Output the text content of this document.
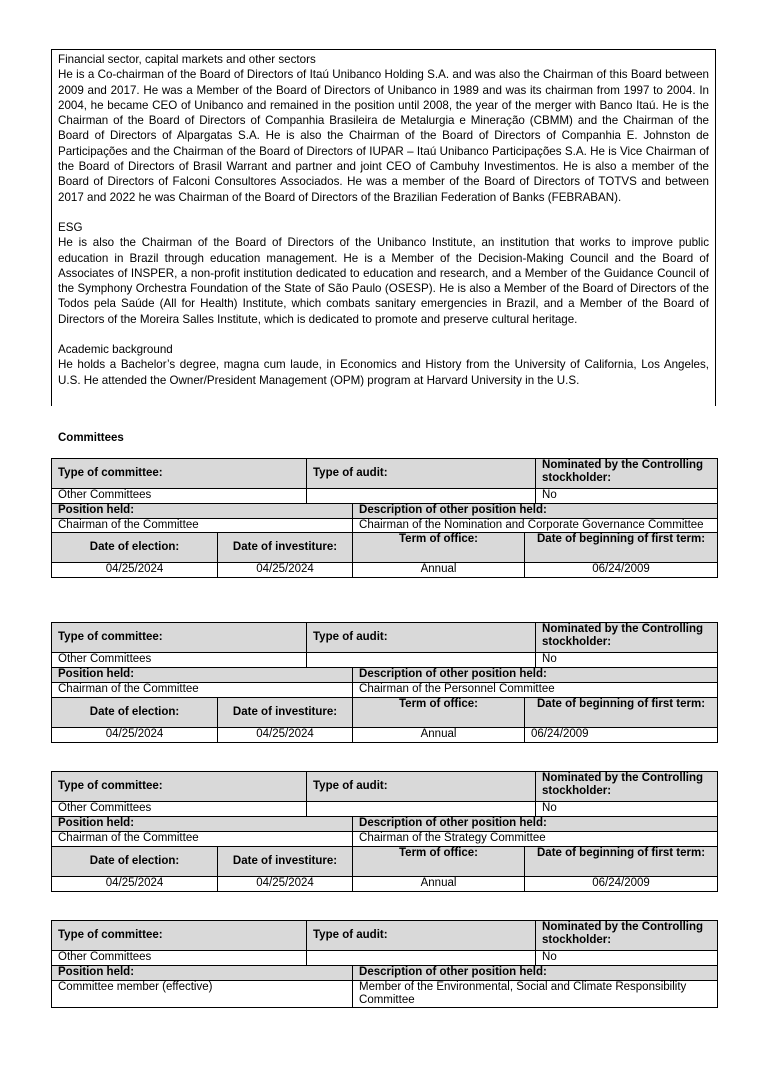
Financial sector, capital markets and other sectors

He is a Co-chairman of the Board of Directors of Itaú Unibanco Holding S.A. and was also the Chairman of this Board between 2009 and 2017. He was a Member of the Board of Directors of Unibanco in 1989 and was its chairman from 1997 to 2004. In 2004, he became CEO of Unibanco and remained in the position until 2008, the year of the merger with Banco Itaú. He is the Chairman of the Board of Directors of Companhia Brasileira de Metalurgia e Mineração (CBMM) and the Chairman of the Board of Directors of Alpargatas S.A. He is also the Chairman of the Board of Directors of Companhia E. Johnston de Participações and the Chairman of the Board of Directors of IUPAR – Itaú Unibanco Participações S.A. He is Vice Chairman of the Board of Directors of Brasil Warrant and partner and joint CEO of Cambuhy Investimentos. He is also a member of the Board of Directors of Falconi Consultores Associados. He was a member of the Board of Directors of TOTVS and between 2017 and 2022 he was Chairman of the Board of Directors of the Brazilian Federation of Banks (FEBRABAN).

ESG

He is also the Chairman of the Board of Directors of the Unibanco Institute, an institution that works to improve public education in Brazil through education management. He is a Member of the Decision-Making Council and the Board of Associates of INSPER, a non-profit institution dedicated to education and research, and a Member of the Guidance Council of the Symphony Orchestra Foundation of the State of São Paulo (OSESP). He is also a Member of the Board of Directors of the Todos pela Saúde (All for Health) Institute, which combats sanitary emergencies in Brazil, and a Member of the Board of Directors of the Moreira Salles Institute, which is dedicated to promote and preserve cultural heritage.

Academic background

He holds a Bachelor’s degree, magna cum laude, in Economics and History from the University of California, Los Angeles, U.S. He attended the Owner/President Management (OPM) program at Harvard University in the U.S.

Committees
Type of committee:		Type of audit:			Nominated by the Controlling stockholder:
Other Committees					No
Position held:			Description of other position held:		
Chairman of the Committee			Chairman of the Nomination and Corporate Governance Committee		
Date of election:	Date of investiture:		Term of office:	Date of beginning of first term:	
04/25/2024	04/25/2024		Annual	06/24/2009	
Type of committee:		Type of audit:			Nominated by the Controlling stockholder:
Other Committees					No
Position held:			Description of other position held:		
Chairman of the Committee			Chairman of the Personnel Committee		
Date of election:	Date of investiture:		Term of office:	Date of beginning of first term:	
04/25/2024	04/25/2024		Annual	06/24/2009	
Type of committee:		Type of audit:			Nominated by the Controlling stockholder:
Other Committees					No
Position held:			Description of other position held:		
Chairman of the Committee			Chairman of the Strategy Committee		
Date of election:	Date of investiture:		Term of office:	Date of beginning of first term:	
04/25/2024	04/25/2024		Annual	06/24/2009	
Type of committee:	Type of audit:		Nominated by the Controlling stockholder:
Other Committees			No
Position held:		Description of other position held:	
Committee member (effective)		Member of the Environmental, Social and Climate Responsibility Committee	
